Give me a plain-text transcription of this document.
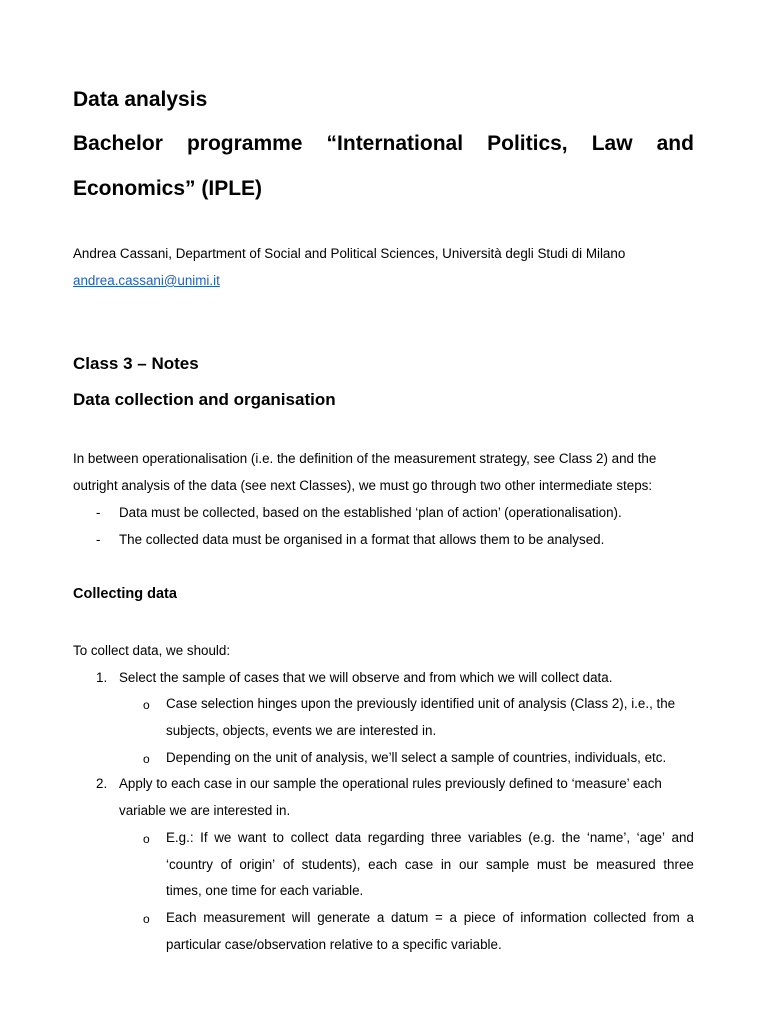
Data analysis
Bachelor programme “International Politics, Law and
Economics” (IPLE)
Andrea Cassani, Department of Social and Political Sciences, Università degli Studi di Milano
andrea.cassani@unimi.it
Class 3 – Notes
Data collection and organisation
In between operationalisation (i.e. the definition of the measurement strategy, see Class 2) and the
outright analysis of the data (see next Classes), we must go through two other intermediate steps:
- Data must be collected, based on the established ‘plan of action’ (operationalisation).
- The collected data must be organised in a format that allows them to be analysed.
Collecting data
To collect data, we should:
1. Select the sample of cases that we will observe and from which we will collect data.
o Case selection hinges upon the previously identified unit of analysis (Class 2), i.e., the
subjects, objects, events we are interested in.
o Depending on the unit of analysis, we’ll select a sample of countries, individuals, etc.
2. Apply to each case in our sample the operational rules previously defined to ‘measure’ each
variable we are interested in.
o E.g.: If we want to collect data regarding three variables (e.g. the ‘name’, ‘age’ and
‘country of origin’ of students), each case in our sample must be measured three
times, one time for each variable.
o Each measurement will generate a datum = a piece of information collected from a
particular case/observation relative to a specific variable.
